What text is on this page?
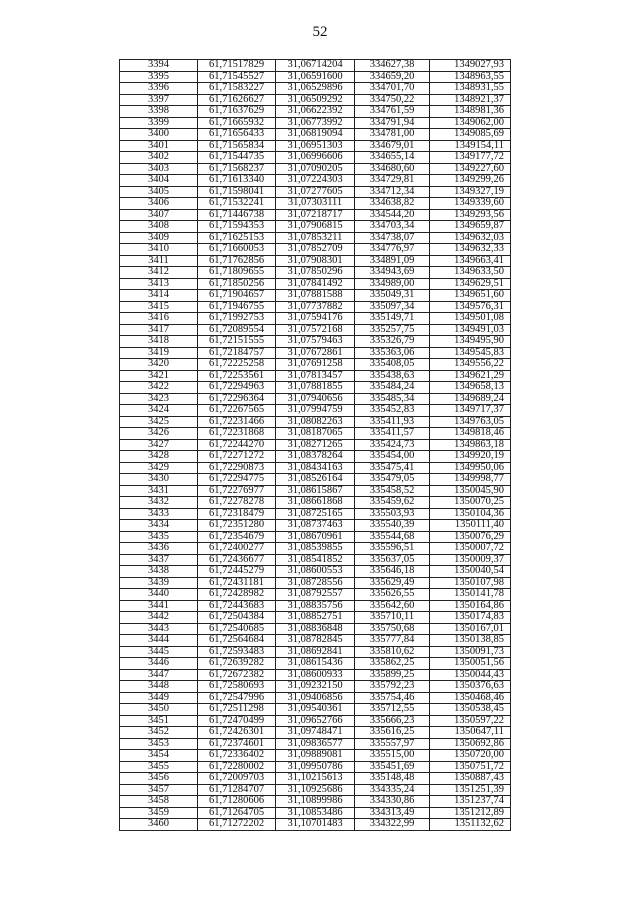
52
3394	61,71517829	31,06714204	334627,38	1349027,93
3395	61,71545527	31,06591600	334659,20	1348963,55
3396	61,71583227	31,06529896	334701,70	1348931,55
3397	61,71626627	31,06509292	334750,22	1348921,37
3398	61,71637629	31,06622392	334761,59	1348981,36
3399	61,71665932	31,06773992	334791,94	1349062,00
3400	61,71656433	31,06819094	334781,00	1349085,69
3401	61,71565834	31,06951303	334679,01	1349154,11
3402	61,71544735	31,06996606	334655,14	1349177,72
3403	61,71568237	31,07090205	334680,60	1349227,60
3404	61,71613340	31,07224303	334729,81	1349299,26
3405	61,71598041	31,07277605	334712,34	1349327,19
3406	61,71532241	31,07303111	334638,82	1349339,60
3407	61,71446738	31,07218717	334544,20	1349293,56
3408	61,71594353	31,07906815	334703,34	1349659,87
3409	61,71625153	31,07853211	334738,07	1349632,03
3410	61,71660053	31,07852709	334776,97	1349632,33
3411	61,71762856	31,07908301	334891,09	1349663,41
3412	61,71809655	31,07850296	334943,69	1349633,50
3413	61,71850256	31,07841492	334989,00	1349629,51
3414	61,71904657	31,07881588	335049,31	1349651,60
3415	61,71946755	31,07737882	335097,34	1349576,31
3416	61,71992753	31,07594176	335149,71	1349501,08
3417	61,72089554	31,07572168	335257,75	1349491,03
3418	61,72151555	31,07579463	335326,79	1349495,90
3419	61,72184757	31,07672861	335363,06	1349545,83
3420	61,72225258	31,07691258	335408,05	1349556,22
3421	61,72253561	31,07813457	335438,63	1349621,29
3422	61,72294963	31,07881855	335484,24	1349658,13
3423	61,72296364	31,07940656	335485,34	1349689,24
3424	61,72267565	31,07994759	335452,83	1349717,37
3425	61,72231466	31,08082263	335411,93	1349763,05
3426	61,72231868	31,08187065	335411,57	1349818,46
3427	61,72244270	31,08271265	335424,73	1349863,18
3428	61,72271272	31,08378264	335454,00	1349920,19
3429	61,72290873	31,08434163	335475,41	1349950,06
3430	61,72294775	31,08526164	335479,05	1349998,77
3431	61,72276977	31,08615867	335458,52	1350045,90
3432	61,72278278	31,08661868	335459,62	1350070,25
3433	61,72318479	31,08725165	335503,93	1350104,36
3434	61,72351280	31,08737463	335540,39	1350111,40
3435	61,72354679	31,08670961	335544,68	1350076,29
3436	61,72400277	31,08539855	335596,51	1350007,72
3437	61,72436677	31,08541852	335637,05	1350009,37
3438	61,72445279	31,08600553	335646,18	1350040,54
3439	61,72431181	31,08728556	335629,49	1350107,98
3440	61,72428982	31,08792557	335626,55	1350141,78
3441	61,72443683	31,08835756	335642,60	1350164,86
3442	61,72504384	31,08852751	335710,11	1350174,83
3443	61,72540685	31,08836848	335750,68	1350167,01
3444	61,72564684	31,08782845	335777,84	1350138,85
3445	61,72593483	31,08692841	335810,62	1350091,73
3446	61,72639282	31,08615436	335862,25	1350051,56
3447	61,72672382	31,08600933	335899,25	1350044,43
3448	61,72580693	31,09232150	335792,23	1350376,63
3449	61,72547996	31,09406856	335754,46	1350468,46
3450	61,72511298	31,09540361	335712,55	1350538,45
3451	61,72470499	31,09652766	335666,23	1350597,22
3452	61,72426301	31,09748471	335616,25	1350647,11
3453	61,72374601	31,09836577	335557,97	1350692,86
3454	61,72336402	31,09889081	335515,00	1350720,00
3455	61,72280002	31,09950786	335451,69	1350751,72
3456	61,72009703	31,10215613	335148,48	1350887,43
3457	61,71284707	31,10925686	334335,24	1351251,39
3458	61,71280606	31,10899986	334330,86	1351237,74
3459	61,71264705	31,10853486	334313,49	1351212,89
3460	61,71272202	31,10701483	334322,99	1351132,62
